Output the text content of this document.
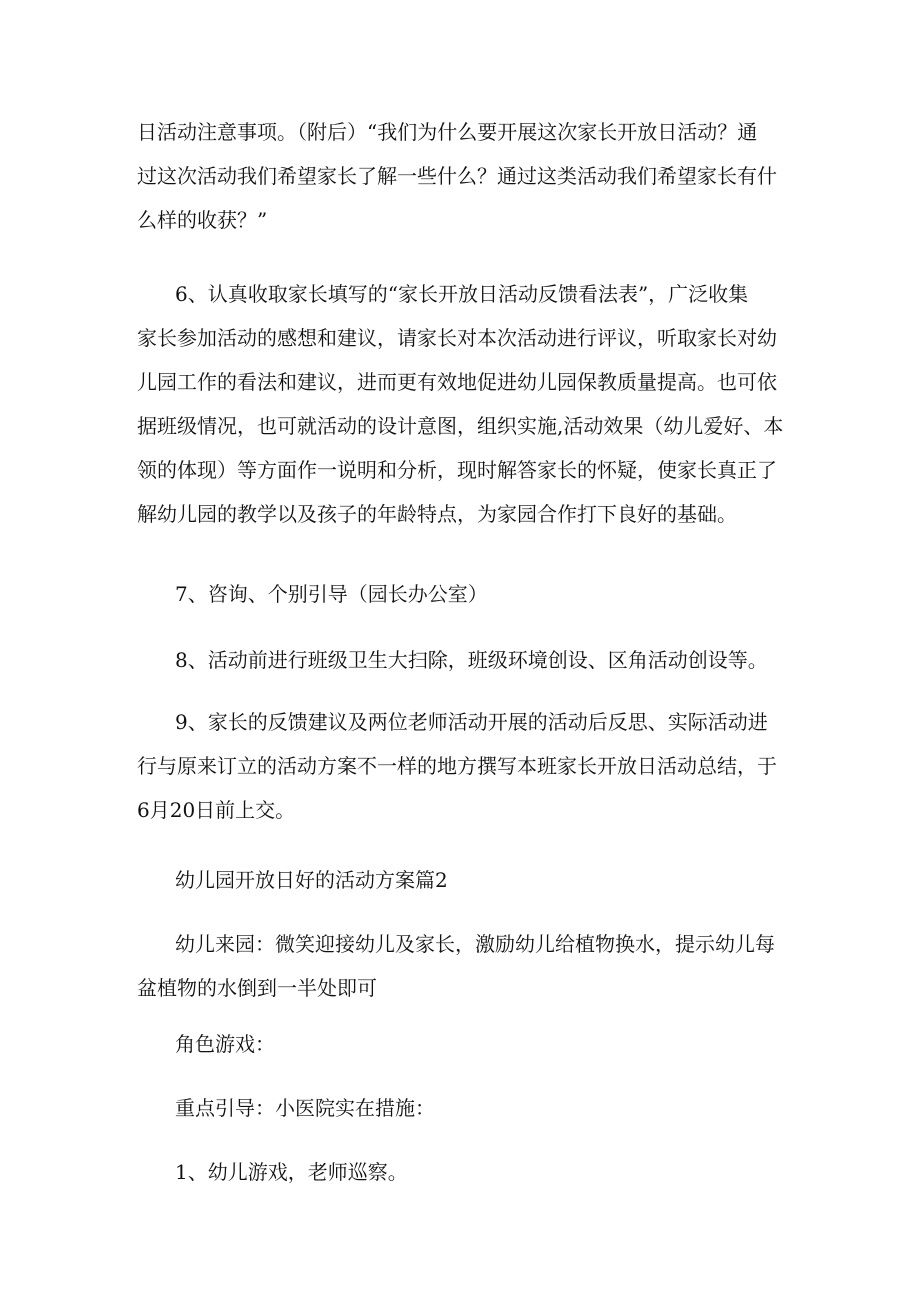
日活动注意事项。（附后）“我们为什么要开展这次家长开放日活动？通
过这次活动我们希望家长了解一些什么？通过这类活动我们希望家长有什
么样的收获？”

6、认真收取家长填写的“家长开放日活动反馈看法表”，广泛收集
家长参加活动的感想和建议，请家长对本次活动进行评议，听取家长对幼
儿园工作的看法和建议，进而更有效地促进幼儿园保教质量提高。也可依
据班级情况，也可就活动的设计意图，组织实施,活动效果（幼儿爱好、本
领的体现）等方面作一说明和分析，现时解答家长的怀疑，使家长真正了
解幼儿园的教学以及孩子的年龄特点，为家园合作打下良好的基础。

7、咨询、个别引导（园长办公室）

8、活动前进行班级卫生大扫除，班级环境创设、区角活动创设等。

9、家长的反馈建议及两位老师活动开展的活动后反思、实际活动进
行与原来订立的活动方案不一样的地方撰写本班家长开放日活动总结，于
6月20日前上交。

幼儿园开放日好的活动方案篇2

幼儿来园：微笑迎接幼儿及家长，激励幼儿给植物换水，提示幼儿每
盆植物的水倒到一半处即可

角色游戏：

重点引导：小医院实在措施：

1、幼儿游戏，老师巡察。
